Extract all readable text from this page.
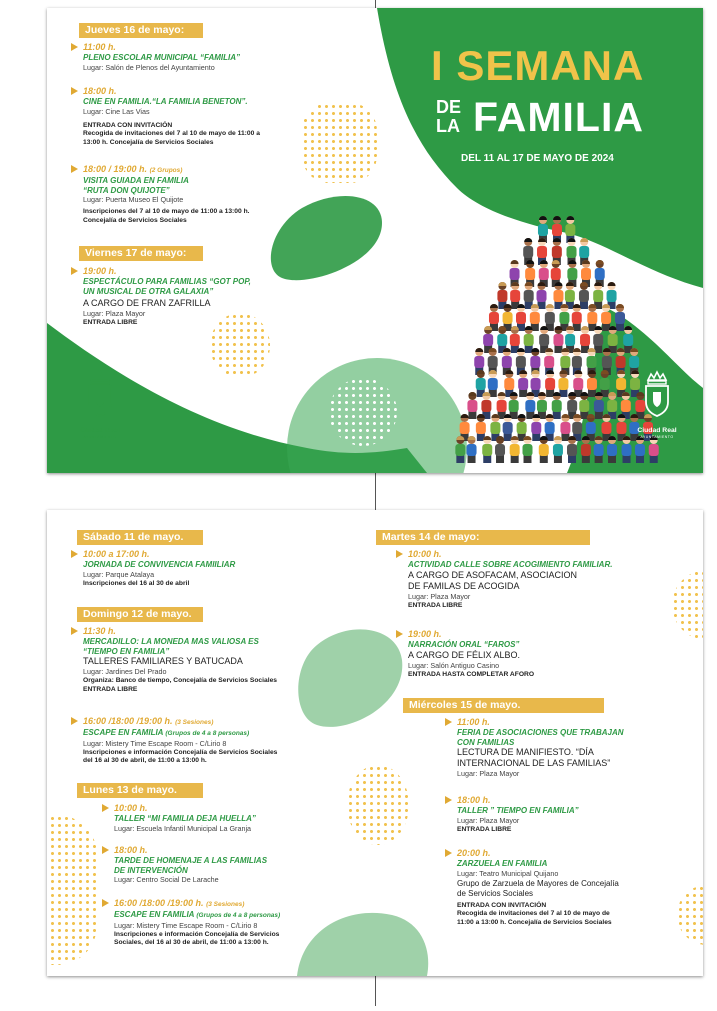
Jueves 16 de mayo:
11:00 h.
PLENO ESCOLAR MUNICIPAL “FAMILIA”
Lugar: Salón de Plenos del Ayuntamiento
18:00 h.
CINE EN FAMILIA.“LA FAMILIA BENETON”.
Lugar: Cine Las Vias
ENTRADA CON INVITACIÓN
Recogida de invitaciones del 7 al 10 de mayo de 11:00 a
13:00 h. Concejalía de Servicios Sociales
18:00 / 19:00 h. (2 Grupos)
VISITA GUIADA EN FAMILIA
“RUTA DON QUIJOTE”
Lugar: Puerta Museo El Quijote
Inscripciones del 7 al 10 de mayo de 11:00 a 13:00 h.
Concejalía de Servicios Sociales
Viernes 17 de mayo:
19:00 h.
ESPECTÁCULO PARA FAMILIAS “GOT POP,
UN MUSICAL DE OTRA GALAXIA”
A CARGO DE FRAN ZAFRILLA
Lugar: Plaza Mayor
ENTRADA LIBRE
Ciudad Real
AYUNTAMIENTO
I SEMANA
DE
LA FAMILIA
DEL 11 AL 17 DE MAYO DE 2024
Ciudad Real
AYUNTAMIENTO
Sábado 11 de mayo.
10:00 a 17:00 h.
JORNADA DE CONVIVENCIA FAMIILIAR
Lugar: Parque Atalaya
Inscripciones del 16 al 30 de abril
Domingo 12 de mayo.
11:30 h.
MERCADILLO: LA MONEDA MAS VALIOSA ES
“TIEMPO EN FAMILIA”
TALLERES FAMILIARES Y BATUCADA
Lugar: Jardines Del Prado
Organiza: Banco de tiempo, Concejalía de Servicios Sociales
ENTRADA LIBRE
16:00 /18:00 /19:00 h. (3 Sesiones)
ESCAPE EN FAMILIA (Grupos de 4 a 8 personas)
Lugar: Mistery Time Escape Room - C/Lirio 8
Inscripciones e información Concejalía de Servicios Sociales
del 16 al 30 de abril, de 11:00 a 13:00 h.
Lunes 13 de mayo.
10:00 h.
TALLER “MI FAMILIA DEJA HUELLA”
Lugar: Escuela Infantil Municipal La Granja
18:00 h.
TARDE DE HOMENAJE A LAS FAMILIAS
DE INTERVENCIÓN
Lugar: Centro Social De Larache
16:00 /18:00 /19:00 h. (3 Sesiones)
ESCAPE EN FAMILIA (Grupos de 4 a 8 personas)
Lugar: Mistery Time Escape Room - C/Lirio 8
Inscripciones e información Concejalía de Servicios
Sociales, del 16 al 30 de abril, de 11:00 a 13:00 h.
Martes 14 de mayo:
10:00 h.
ACTIVIDAD CALLE SOBRE ACOGIMIENTO FAMILIAR.
A CARGO DE ASOFACAM, ASOCIACION
DE FAMILAS DE ACOGIDA
Lugar: Plaza Mayor
ENTRADA LIBRE
19:00 h.
NARRACIÓN ORAL “FAROS”
A CARGO DE FÉLIX ALBO.
Lugar: Salón Antiguo Casino
ENTRADA HASTA COMPLETAR AFORO
Miércoles 15 de mayo.
11:00 h.
FERIA DE ASOCIACIONES QUE TRABAJAN
CON FAMILIAS
LECTURA DE MANIFIESTO. “DÍA
INTERNACIONAL DE LAS FAMILIAS”
Lugar: Plaza Mayor
18:00 h.
TALLER ” TIEMPO EN FAMILIA”
Lugar: Plaza Mayor
ENTRADA LIBRE
20:00 h.
ZARZUELA EN FAMILIA
Lugar: Teatro Municipal Quijano
Grupo de Zarzuela de Mayores de Concejalía
de Servicios Sociales
ENTRADA CON INVITACIÓN
Recogida de invitaciones del 7 al 10 de mayo de
11:00 a 13:00 h. Concejalía de Servicios Sociales
